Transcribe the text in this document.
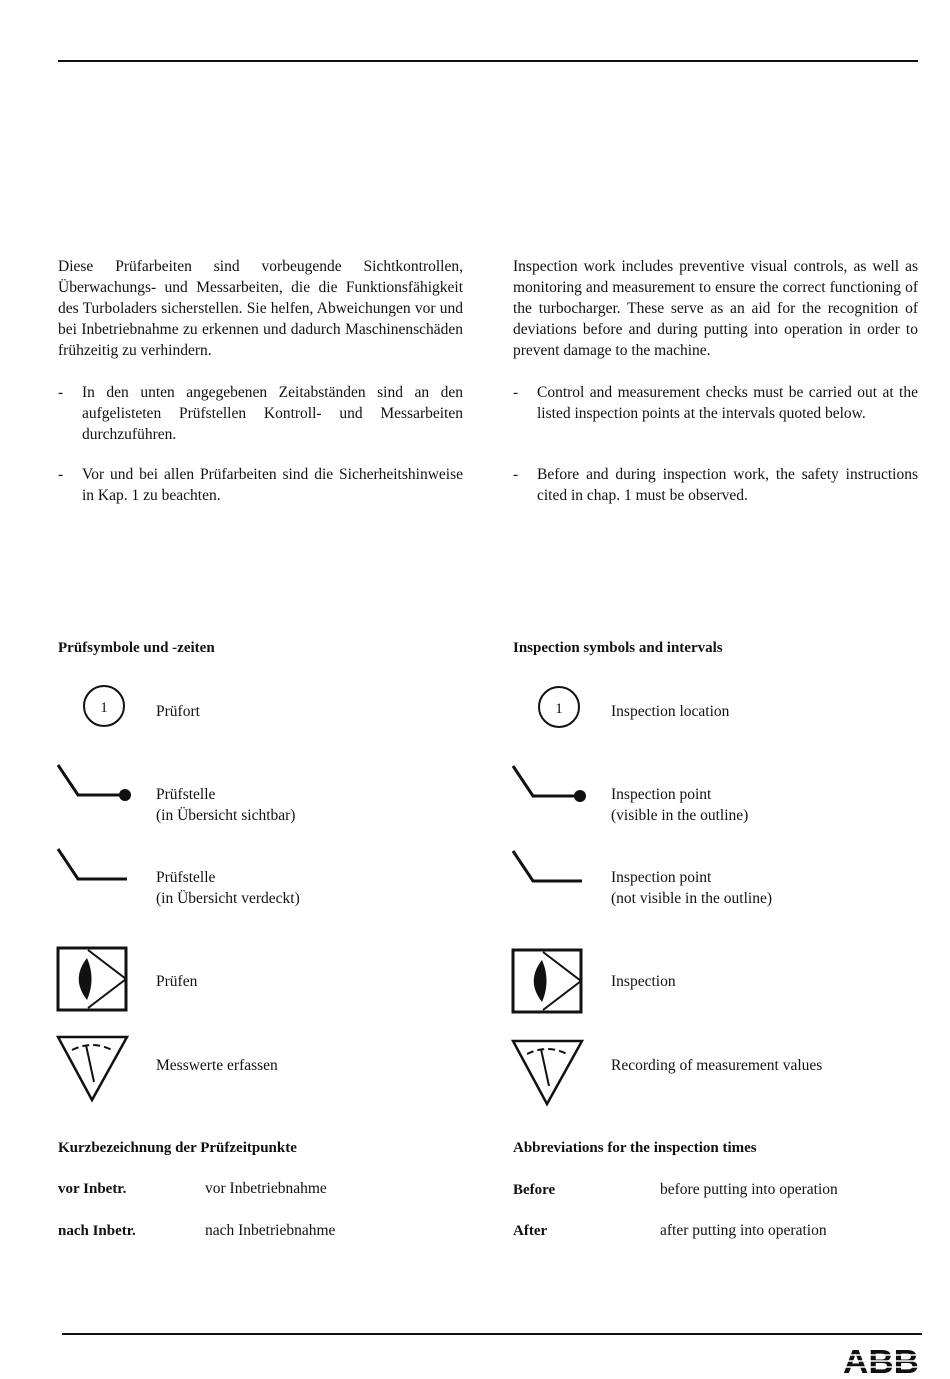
Diese Prüfarbeiten sind vorbeugende Sichtkontrollen, Überwachungs- und Messarbeiten, die die Funktionsfähigkeit des Turboladers sicherstellen. Sie helfen, Abweichungen vor und bei Inbetriebnahme zu erkennen und dadurch Maschinenschäden frühzeitig zu verhindern.

- In den unten angegebenen Zeitabständen sind an den aufgelisteten Prüfstellen Kontroll- und Messarbeiten durchzuführen.
- Vor und bei allen Prüfarbeiten sind die Sicherheitshinweise in Kap. 1 zu beachten.

Inspection work includes preventive visual controls, as well as monitoring and measurement to ensure the correct functioning of the turbocharger. These serve as an aid for the recognition of deviations before and during putting into operation in order to prevent damage to the machine.

- Control and measurement checks must be carried out at the listed inspection points at the intervals quoted below.
- Before and during inspection work, the safety instructions cited in chap. 1 must be observed.
Prüfsymbole und -zeiten	Inspection symbols and intervals
1	Prüfort
Prüfstelle
(in Übersicht sichtbar)
Prüfstelle
(in Übersicht verdeckt)
Prüfen
Messwerte erfassen
1	Inspection location
Inspection point
(visible in the outline)
Inspection point
(not visible in the outline)
Inspection
Recording of measurement values
Kurzbezeichnung der Prüfzeitpunkte	Abbreviations for the inspection times
vor Inbetr.	vor Inbetriebnahme
nach Inbetr.	nach Inbetriebnahme
Before	before putting into operation
After	after putting into operation
ABB
